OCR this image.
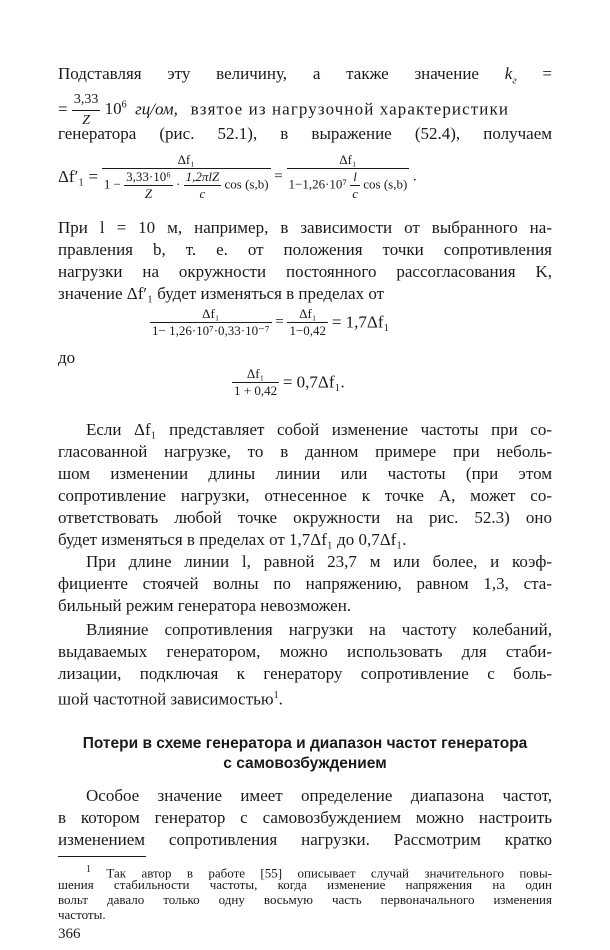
Подставляя эту величину, а также значение $k_г$ =
= $\frac{3,33}{Z} 10^6$ гц/ом, взятое из нагрузочной характеристики
генератора (рис. 52.1), в выражение (52.4), получаем
Δf′₁ =
Δf₁
$1 - \frac{\text{3,33·10⁶}}{Z} \cdot 1,2\pi lZ$
c
$\cos (s,b) = \frac{\text{Δf₁}}{1-1,26\cdot 10^7 \frac{l}{c} \cos (s,b)}$ .
При l = 10 м, например, в зависимости от выбранного на-
правления b, т. е. от положения точки сопротивления
нагрузки на окружности постоянного рассогласования K,
значение Δf′₁ будет изменяться в пределах от
$\frac{\text{Δf₁}}{\text{1− 1,26·10⁷·0,33·10⁻⁷}} = \frac{\text{Δf₁}}{1-0,42} = 1,7\Delta f_1$
до
$\frac{\text{Δf₁}}{1 + 0,42} = 0,7\Delta f_1$.
Если Δf₁ представляет собой изменение частоты при со-
гласованной нагрузке, то в данном примере при неболь-
шом изменении длины линии или частоты (при этом
сопротивление нагрузки, отнесенное к точке A, может со-
ответствовать любой точке окружности на рис. 52.3) оно
будет изменяться в пределах от 1,7Δf₁ до 0,7Δf₁.
При длине линии l, равной 23,7 м или более, и коэф-
фициенте стоячей волны по напряжению, равном 1,3, ста-
бильный режим генератора невозможен.
Влияние сопротивления нагрузки на частоту колебаний,
выдаваемых генератором, можно использовать для стаби-
лизации, подключая к генератору сопротивление с боль-
шой частотной зависимостью$^1$.
Потери в схеме генератора и диапазон частот генератора
с самовозбуждением
Особое значение имеет определение диапазона частот,
в котором генератор с самовозбуждением можно настроить
изменением сопротивления нагрузки. Рассмотрим кратко
$^1$ Так автор в работе [55] описывает случай значительного повы-
шения стабильности частоты, когда изменение напряжения на один
вольт давало только одну восьмую часть первоначального изменения
частоты.
366
